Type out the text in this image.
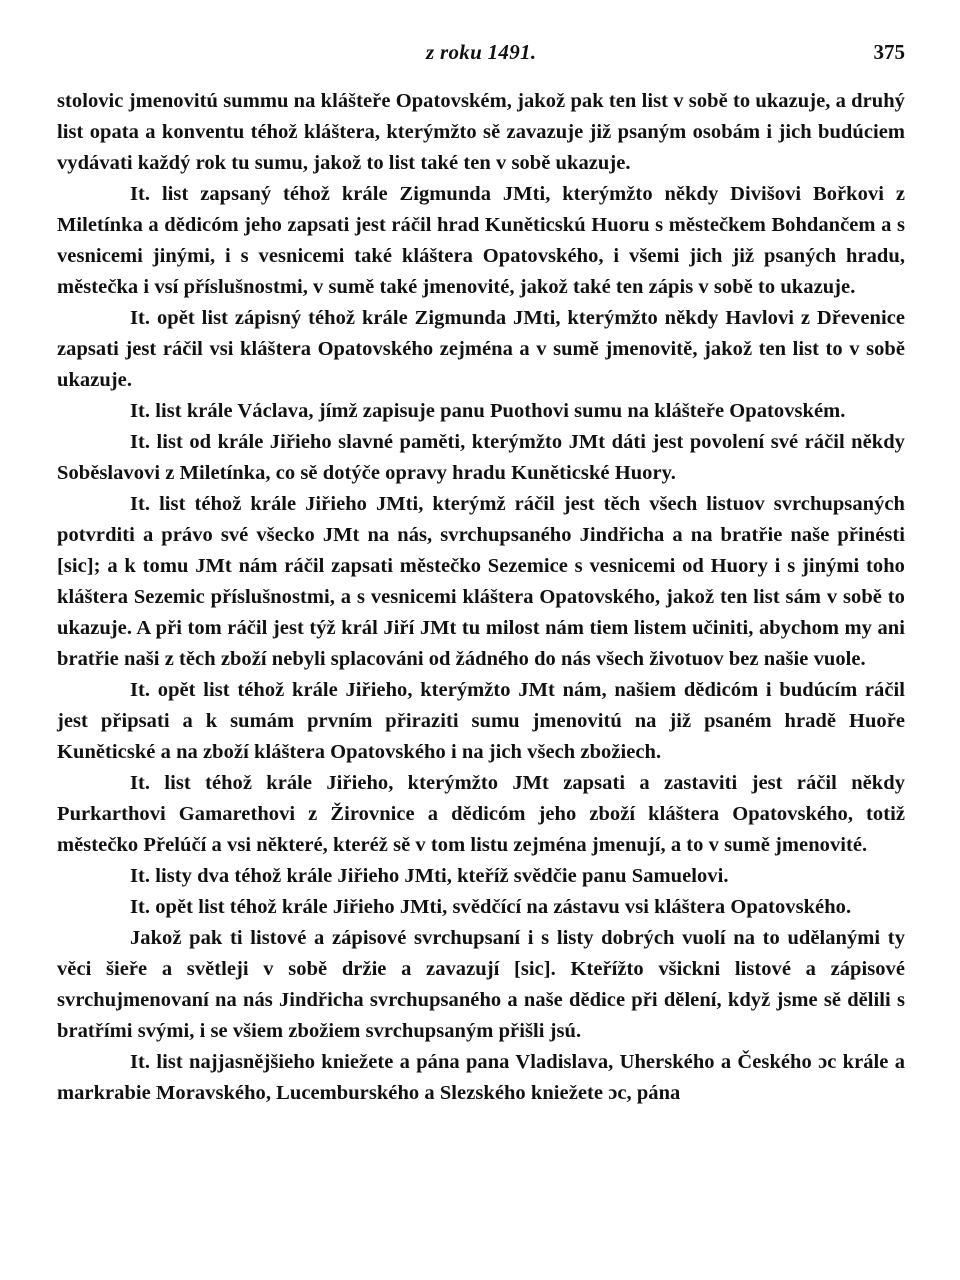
z roku 1491.	375

stolovic jmenovitú summu na klášteře Opatovském, jakož pak ten list v sobě to ukazuje, a druhý list opata a konventu téhož kláštera, kterýmžto sě zavazuje již psaným osobám i jich budúciem vydávati každý rok tu sumu, jakož to list také ten v sobě ukazuje.

It. list zapsaný téhož krále Zigmunda JMti, kterýmžto někdy Divišovi Bořkovi z Miletínka a dědicóm jeho zapsati jest ráčil hrad Kuněticskú Huoru s městečkem Bohdančem a s vesnicemi jinými, i s vesnicemi také kláštera Opatovského, i všemi jich již psaných hradu, městečka i vsí příslušnostmi, v sumě také jmenovité, jakož také ten zápis v sobě to ukazuje.

It. opět list zápisný téhož krále Zigmunda JMti, kterýmžto někdy Havlovi z Dřevenice zapsati jest ráčil vsi kláštera Opatovského zejména a v sumě jmenovitě, jakož ten list to v sobě ukazuje.

It. list krále Václava, jímž zapisuje panu Puothovi sumu na klášteře Opatovském.

It. list od krále Jiřieho slavné paměti, kterýmžto JMt dáti jest povolení své ráčil někdy Soběslavovi z Miletínka, co sě dotýče opravy hradu Kuněticské Huory.

It. list téhož krále Jiřieho JMti, kterýmž ráčil jest těch všech listuov svrchupsaných potvrditi a právo své všecko JMt na nás, svrchupsaného Jindřicha a na bratřie naše přinésti [sic]; a k tomu JMt nám ráčil zapsati městečko Sezemice s vesnicemi od Huory i s jinými toho kláštera Sezemic příslušnostmi, a s vesnicemi kláštera Opatovského, jakož ten list sám v sobě to ukazuje. A při tom ráčil jest týž král Jiří JMt tu milost nám tiem listem učiniti, abychom my ani bratřie naši z těch zboží nebyli splacováni od žádného do nás všech životuov bez našie vuole.

It. opět list téhož krále Jiřieho, kterýmžto JMt nám, našiem dědicóm i budúcím ráčil jest připsati a k sumám prvním přiraziti sumu jmenovitú na již psaném hradě Huoře Kuněticské a na zboží kláštera Opatovského i na jich všech zbožiech.

It. list téhož krále Jiřieho, kterýmžto JMt zapsati a zastaviti jest ráčil někdy Purkarthovi Gamarethovi z Žirovnice a dědicóm jeho zboží kláštera Opatovského, totiž městečko Přelúčí a vsi některé, kteréž sě v tom listu zejména jmenují, a to v sumě jmenovité.

It. listy dva téhož krále Jiřieho JMti, kteříž svědčie panu Samuelovi.

It. opět list téhož krále Jiřieho JMti, svědčící na zástavu vsi kláštera Opatovského.

Jakož pak ti listové a zápisové svrchupsaní i s listy dobrých vuolí na to udělanými ty věci šieře a světleji v sobě držie a zavazují [sic]. Kteřížto všickni listové a zápisové svrchujmenovaní na nás Jindřicha svrchupsaného a naše dědice při dělení, když jsme sě dělili s bratřími svými, i se všiem zbožiem svrchupsaným přišli jsú.

It. list najjasnějšieho kniežete a pána pana Vladislava, Uherského a Českého ɔc krále a markrabie Moravského, Lucemburského a Slezského kniežete ɔc, pána
